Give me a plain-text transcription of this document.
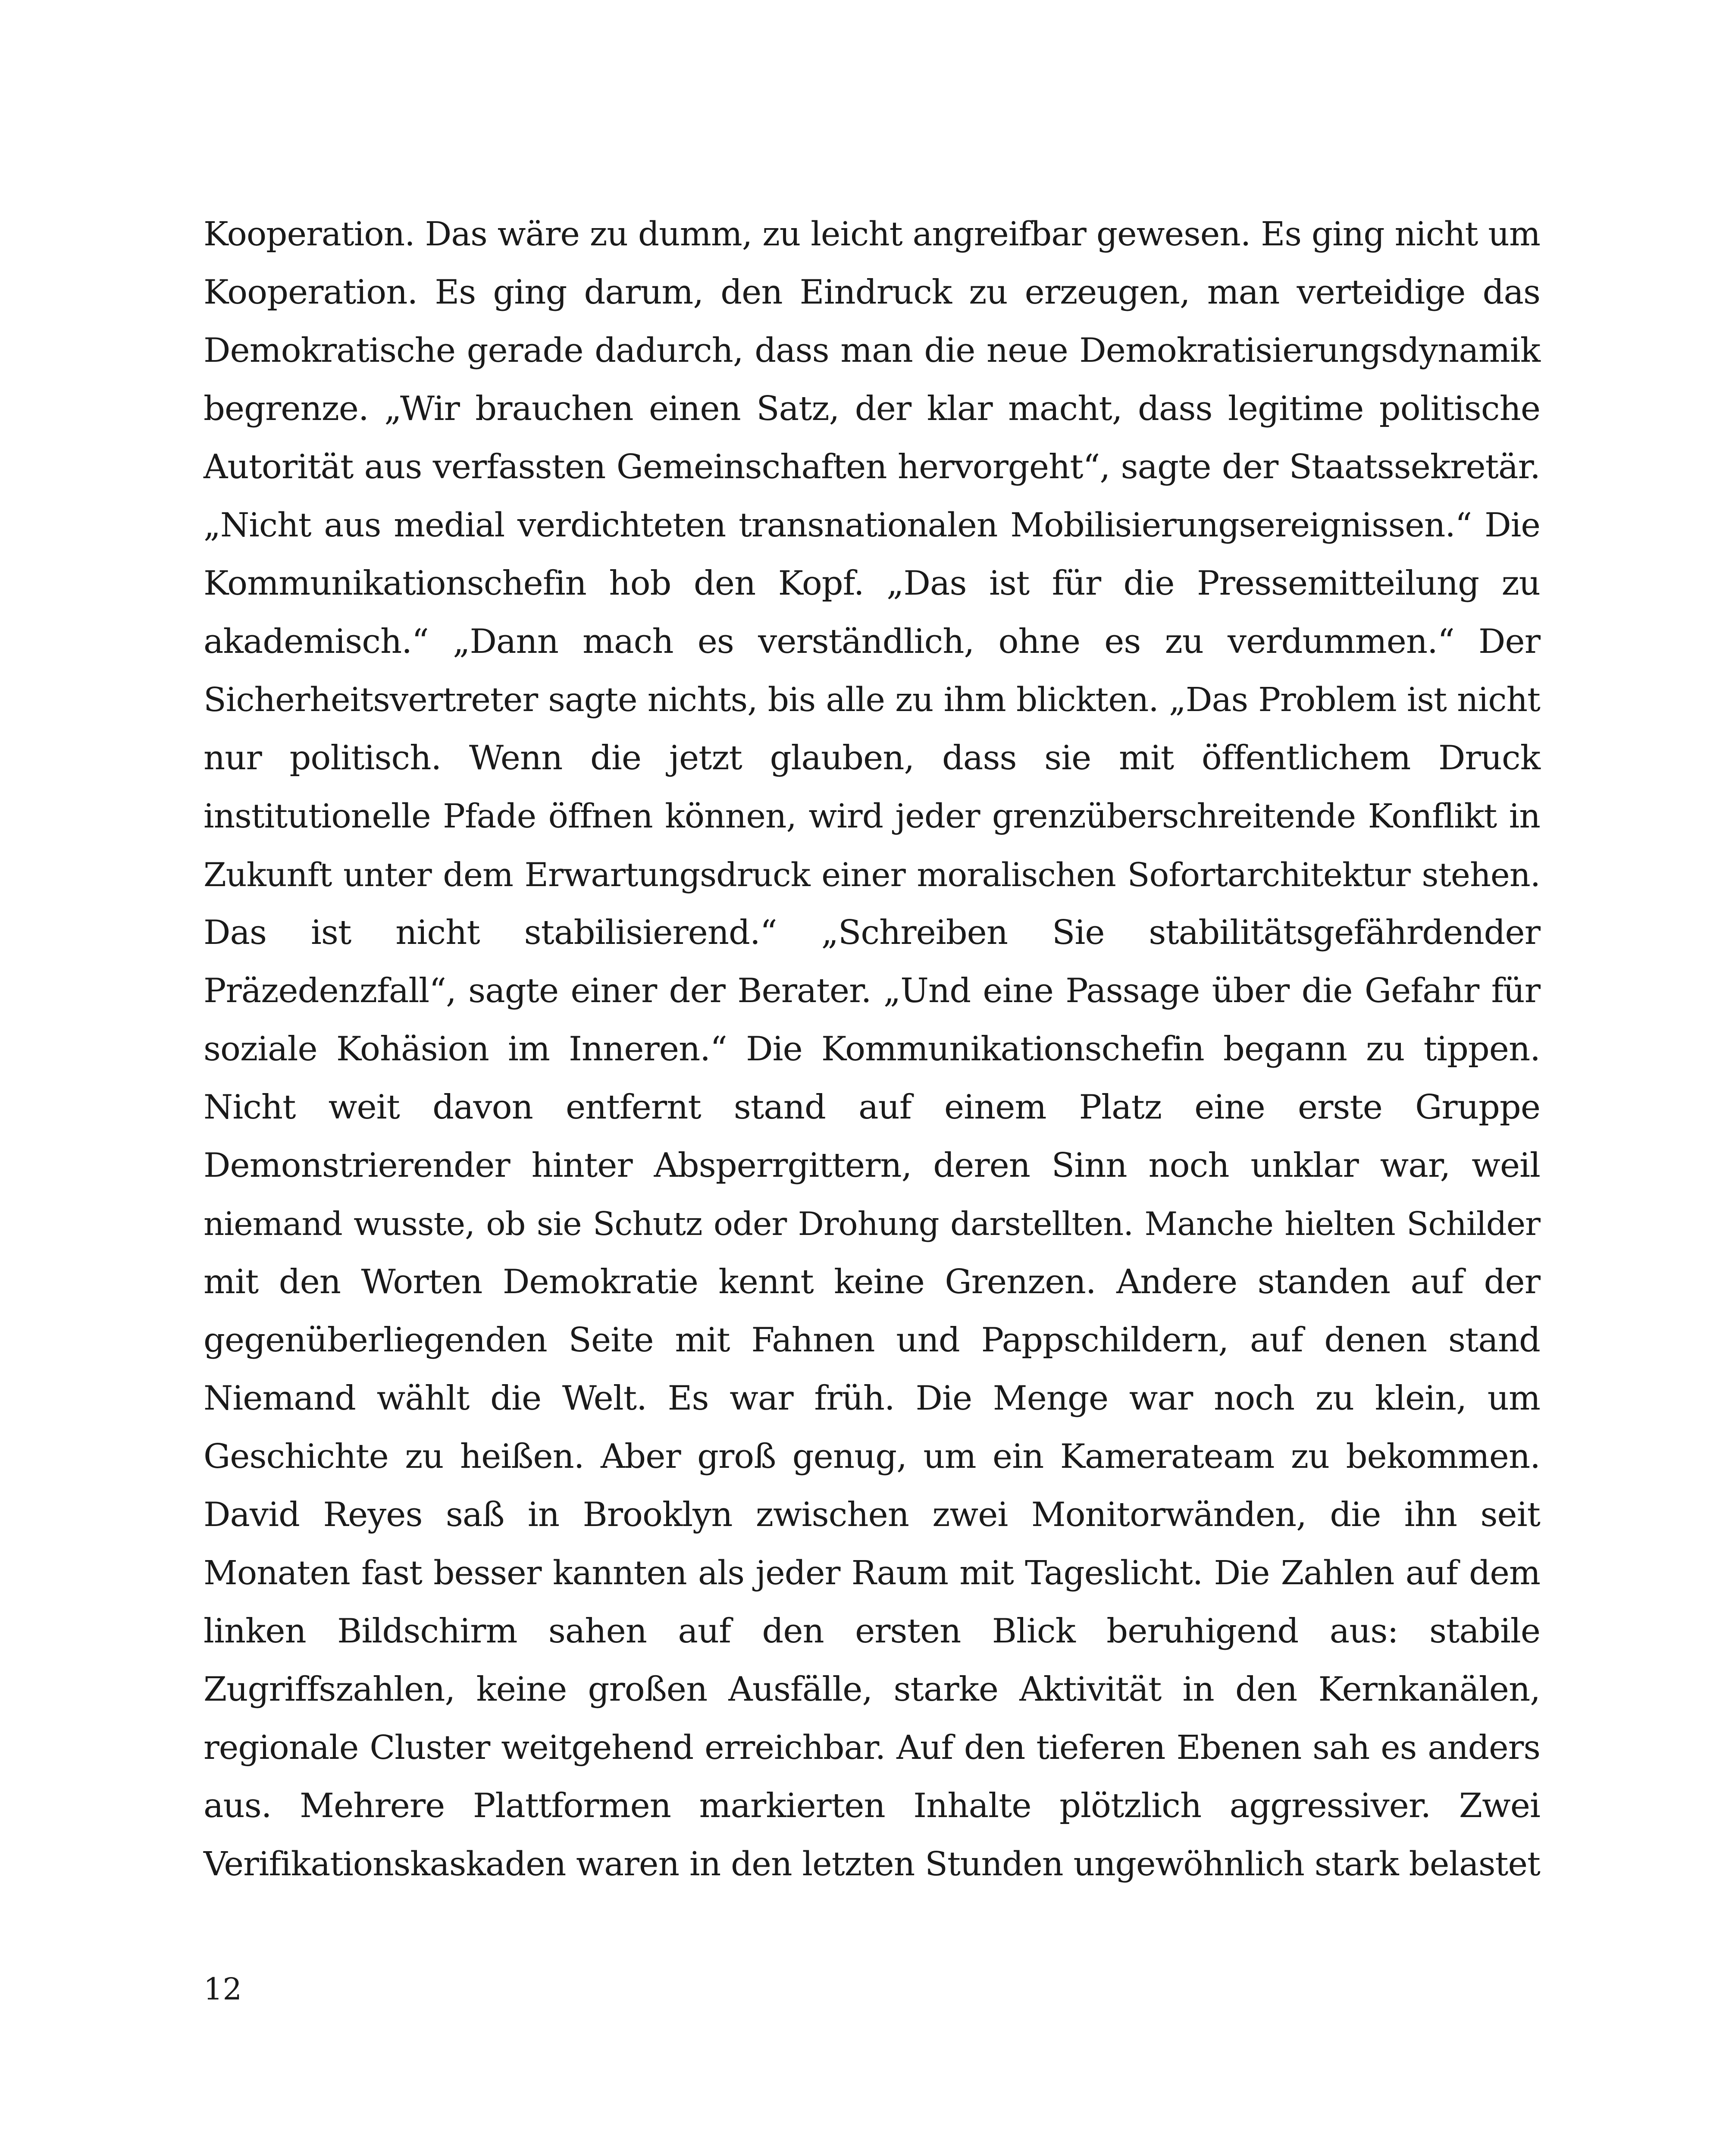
Kooperation. Das wäre zu dumm, zu leicht angreifbar gewesen. Es ging nicht um
Kooperation. Es ging darum, den Eindruck zu erzeugen, man verteidige das
Demokratische gerade dadurch, dass man die neue Demokratisierungsdynamik
begrenze. „Wir brauchen einen Satz, der klar macht, dass legitime politische
Autorität aus verfassten Gemeinschaften hervorgeht“, sagte der Staatssekretär.
„Nicht aus medial verdichteten transnationalen Mobilisierungsereignissen.“ Die
Kommunikationschefin hob den Kopf. „Das ist für die Pressemitteilung zu
akademisch.“ „Dann mach es verständlich, ohne es zu verdummen.“ Der
Sicherheitsvertreter sagte nichts, bis alle zu ihm blickten. „Das Problem ist nicht
nur politisch. Wenn die jetzt glauben, dass sie mit öffentlichem Druck
institutionelle Pfade öffnen können, wird jeder grenzüberschreitende Konflikt in
Zukunft unter dem Erwartungsdruck einer moralischen Sofortarchitektur stehen.
Das ist nicht stabilisierend.“ „Schreiben Sie stabilitätsgefährdender
Präzedenzfall“, sagte einer der Berater. „Und eine Passage über die Gefahr für
soziale Kohäsion im Inneren.“ Die Kommunikationschefin begann zu tippen.
Nicht weit davon entfernt stand auf einem Platz eine erste Gruppe
Demonstrierender hinter Absperrgittern, deren Sinn noch unklar war, weil
niemand wusste, ob sie Schutz oder Drohung darstellten. Manche hielten Schilder
mit den Worten Demokratie kennt keine Grenzen. Andere standen auf der
gegenüberliegenden Seite mit Fahnen und Pappschildern, auf denen stand
Niemand wählt die Welt. Es war früh. Die Menge war noch zu klein, um
Geschichte zu heißen. Aber groß genug, um ein Kamerateam zu bekommen.
David Reyes saß in Brooklyn zwischen zwei Monitorwänden, die ihn seit
Monaten fast besser kannten als jeder Raum mit Tageslicht. Die Zahlen auf dem
linken Bildschirm sahen auf den ersten Blick beruhigend aus: stabile
Zugriffszahlen, keine großen Ausfälle, starke Aktivität in den Kernkanälen,
regionale Cluster weitgehend erreichbar. Auf den tieferen Ebenen sah es anders
aus. Mehrere Plattformen markierten Inhalte plötzlich aggressiver. Zwei
Verifikationskaskaden waren in den letzten Stunden ungewöhnlich stark belastet
12
